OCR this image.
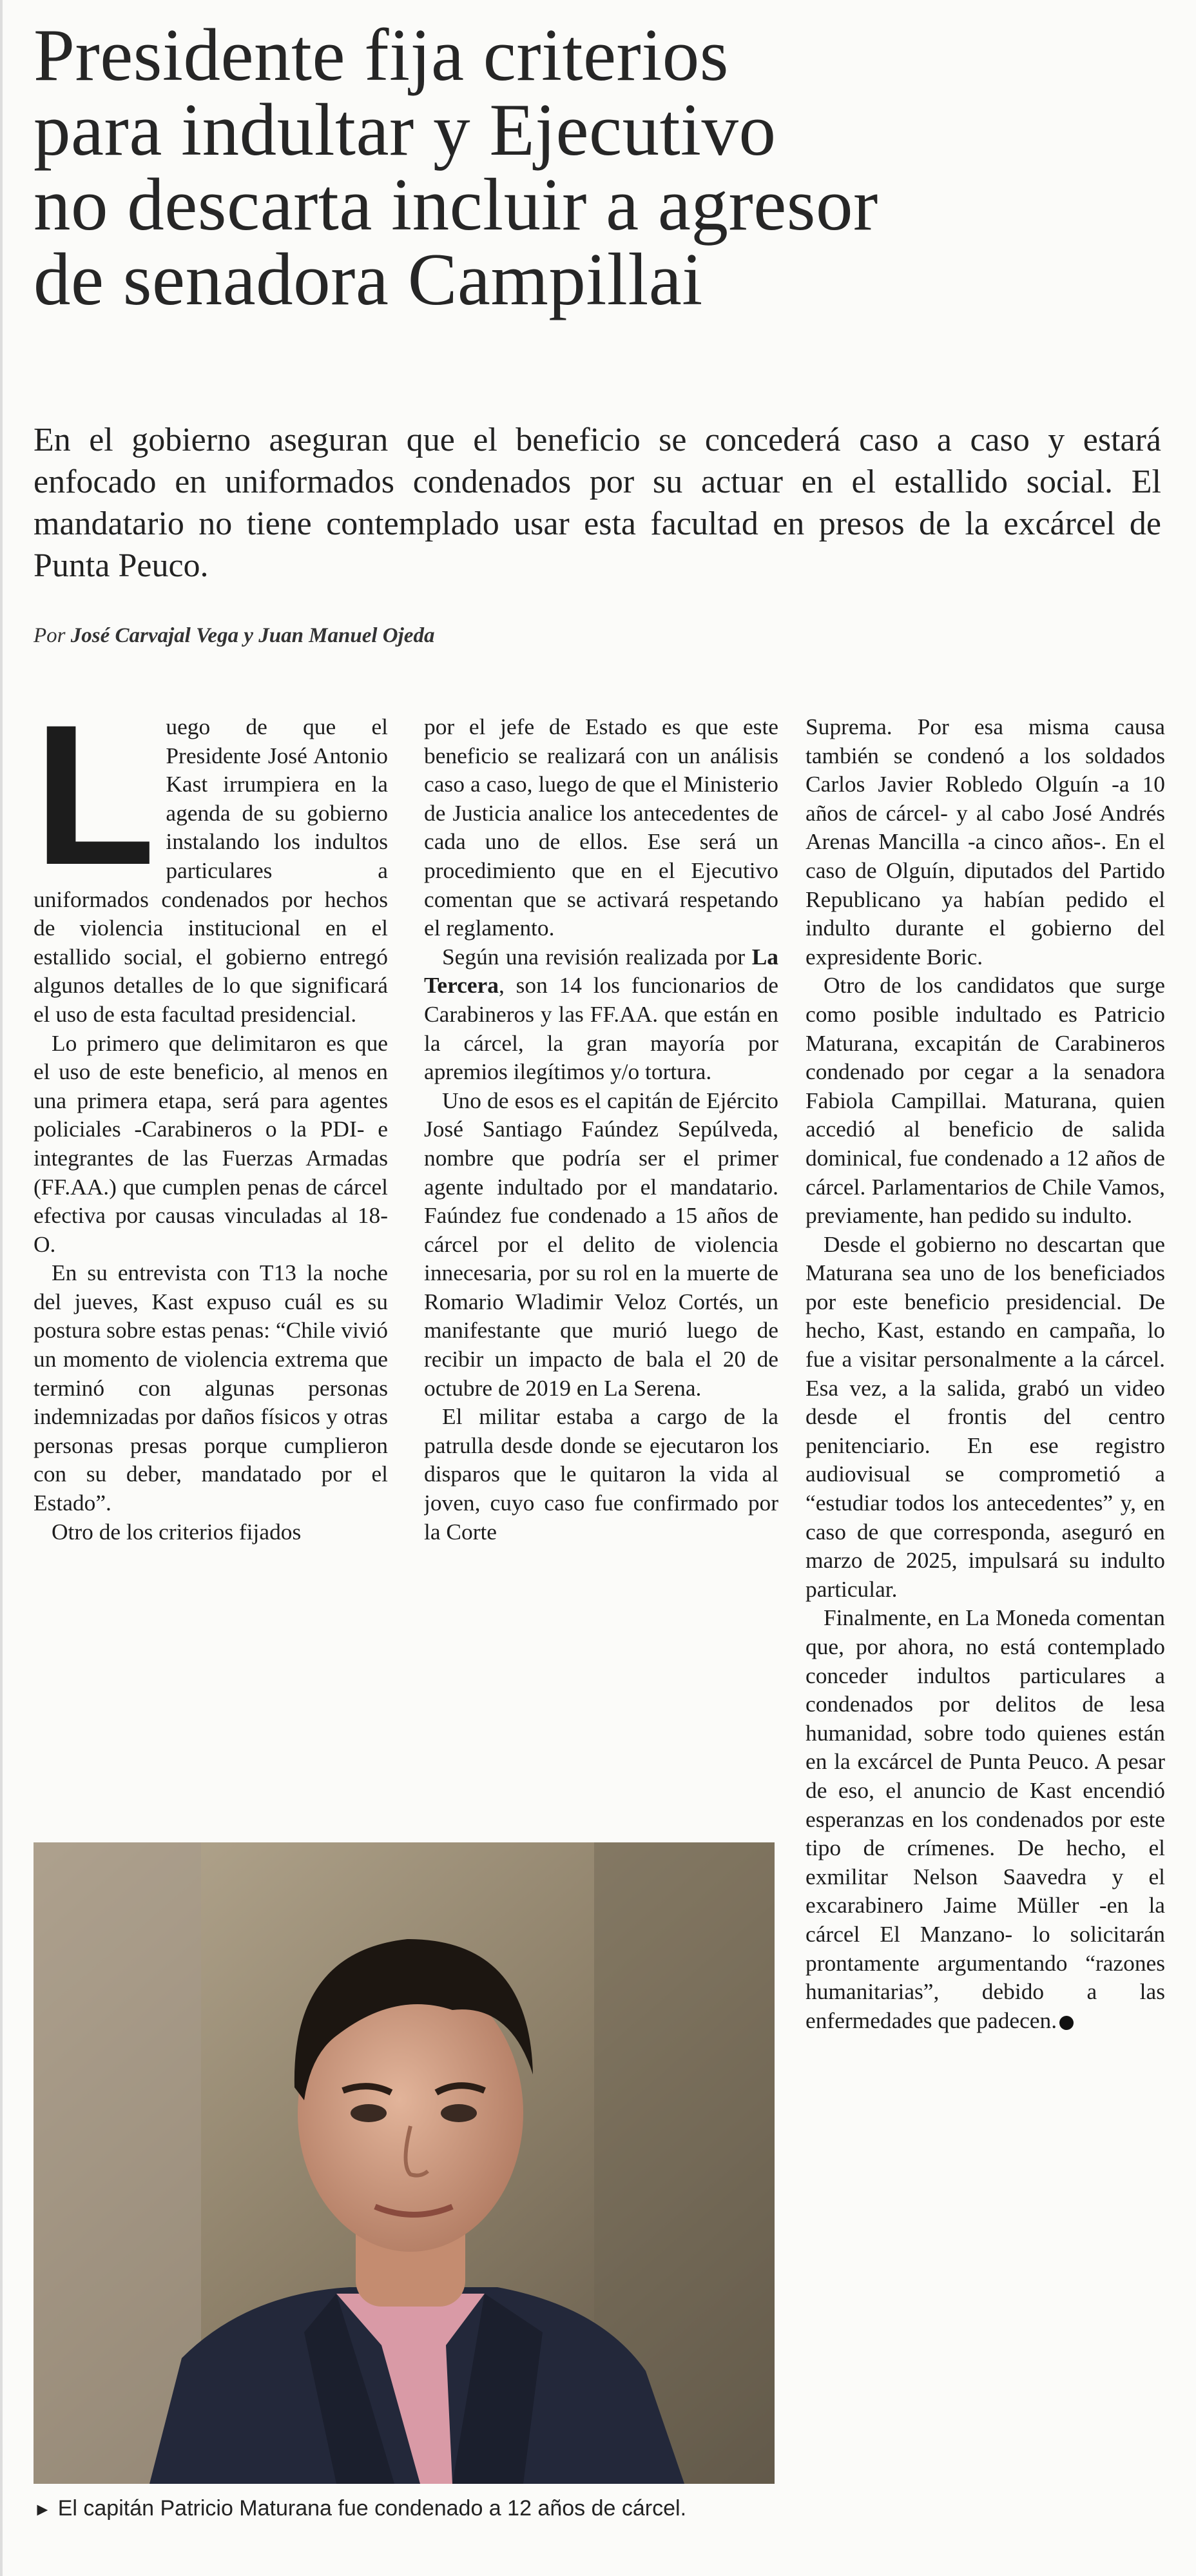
Presidente fija criterios
para indultar y Ejecutivo
no descarta incluir a agresor
de senadora Campillai

En el gobierno aseguran que el beneficio se concederá caso a caso y estará enfocado en uniformados condenados por su actuar en el estallido social. El mandatario no tiene contemplado usar esta facultad en presos de la excárcel de Punta Peuco.

Por José Carvajal Vega y Juan Manuel Ojeda

Luego de que el Presidente José Antonio Kast irrumpiera en la agenda de su gobierno instalando los indultos particulares a uniformados condenados por hechos de violencia institucional en el estallido social, el gobierno entregó algunos detalles de lo que significará el uso de esta facultad presidencial.

Lo primero que delimitaron es que el uso de este beneficio, al menos en una primera etapa, será para agentes policiales -Carabineros o la PDI- e integrantes de las Fuerzas Armadas (FF.AA.) que cumplen penas de cárcel efectiva por causas vinculadas al 18-O.

En su entrevista con T13 la noche del jueves, Kast expuso cuál es su postura sobre estas penas: “Chile vivió un momento de violencia extrema que terminó con algunas personas indemnizadas por daños físicos y otras personas presas porque cumplieron con su deber, mandatado por el Estado”.

Otro de los criterios fijados

por el jefe de Estado es que este beneficio se realizará con un análisis caso a caso, luego de que el Ministerio de Justicia analice los antecedentes de cada uno de ellos. Ese será un procedimiento que en el Ejecutivo comentan que se activará respetando el reglamento.

Según una revisión realizada por La Tercera, son 14 los funcionarios de Carabineros y las FF.AA. que están en la cárcel, la gran mayoría por apremios ilegítimos y/o tortura.

Uno de esos es el capitán de Ejército José Santiago Faúndez Sepúlveda, nombre que podría ser el primer agente indultado por el mandatario. Faúndez fue condenado a 15 años de cárcel por el delito de violencia innecesaria, por su rol en la muerte de Romario Wladimir Veloz Cortés, un manifestante que murió luego de recibir un impacto de bala el 20 de octubre de 2019 en La Serena.

El militar estaba a cargo de la patrulla desde donde se ejecutaron los disparos que le quitaron la vida al joven, cuyo caso fue confirmado por la Corte

Suprema. Por esa misma causa también se condenó a los soldados Carlos Javier Robledo Olguín -a 10 años de cárcel- y al cabo José Andrés Arenas Mancilla -a cinco años-. En el caso de Olguín, diputados del Partido Republicano ya habían pedido el indulto durante el gobierno del expresidente Boric.

Otro de los candidatos que surge como posible indultado es Patricio Maturana, excapitán de Carabineros condenado por cegar a la senadora Fabiola Campillai. Maturana, quien accedió al beneficio de salida dominical, fue condenado a 12 años de cárcel. Parlamentarios de Chile Vamos, previamente, han pedido su indulto.

Desde el gobierno no descartan que Maturana sea uno de los beneficiados por este beneficio presidencial. De hecho, Kast, estando en campaña, lo fue a visitar personalmente a la cárcel. Esa vez, a la salida, grabó un video desde el frontis del centro penitenciario. En ese registro audiovisual se comprometió a “estudiar todos los antecedentes” y, en caso de que corresponda, aseguró en marzo de 2025, impulsará su indulto particular.

Finalmente, en La Moneda comentan que, por ahora, no está contemplado conceder indultos particulares a condenados por delitos de lesa humanidad, sobre todo quienes están en la excárcel de Punta Peuco. A pesar de eso, el anuncio de Kast encendió esperanzas en los condenados por este tipo de crímenes. De hecho, el exmilitar Nelson Saavedra y el excarabinero Jaime Müller -en la cárcel El Manzano- lo solicitarán prontamente argumentando “razones humanitarias”, debido a las enfermedades que padecen.

► El capitán Patricio Maturana fue condenado a 12 años de cárcel.
